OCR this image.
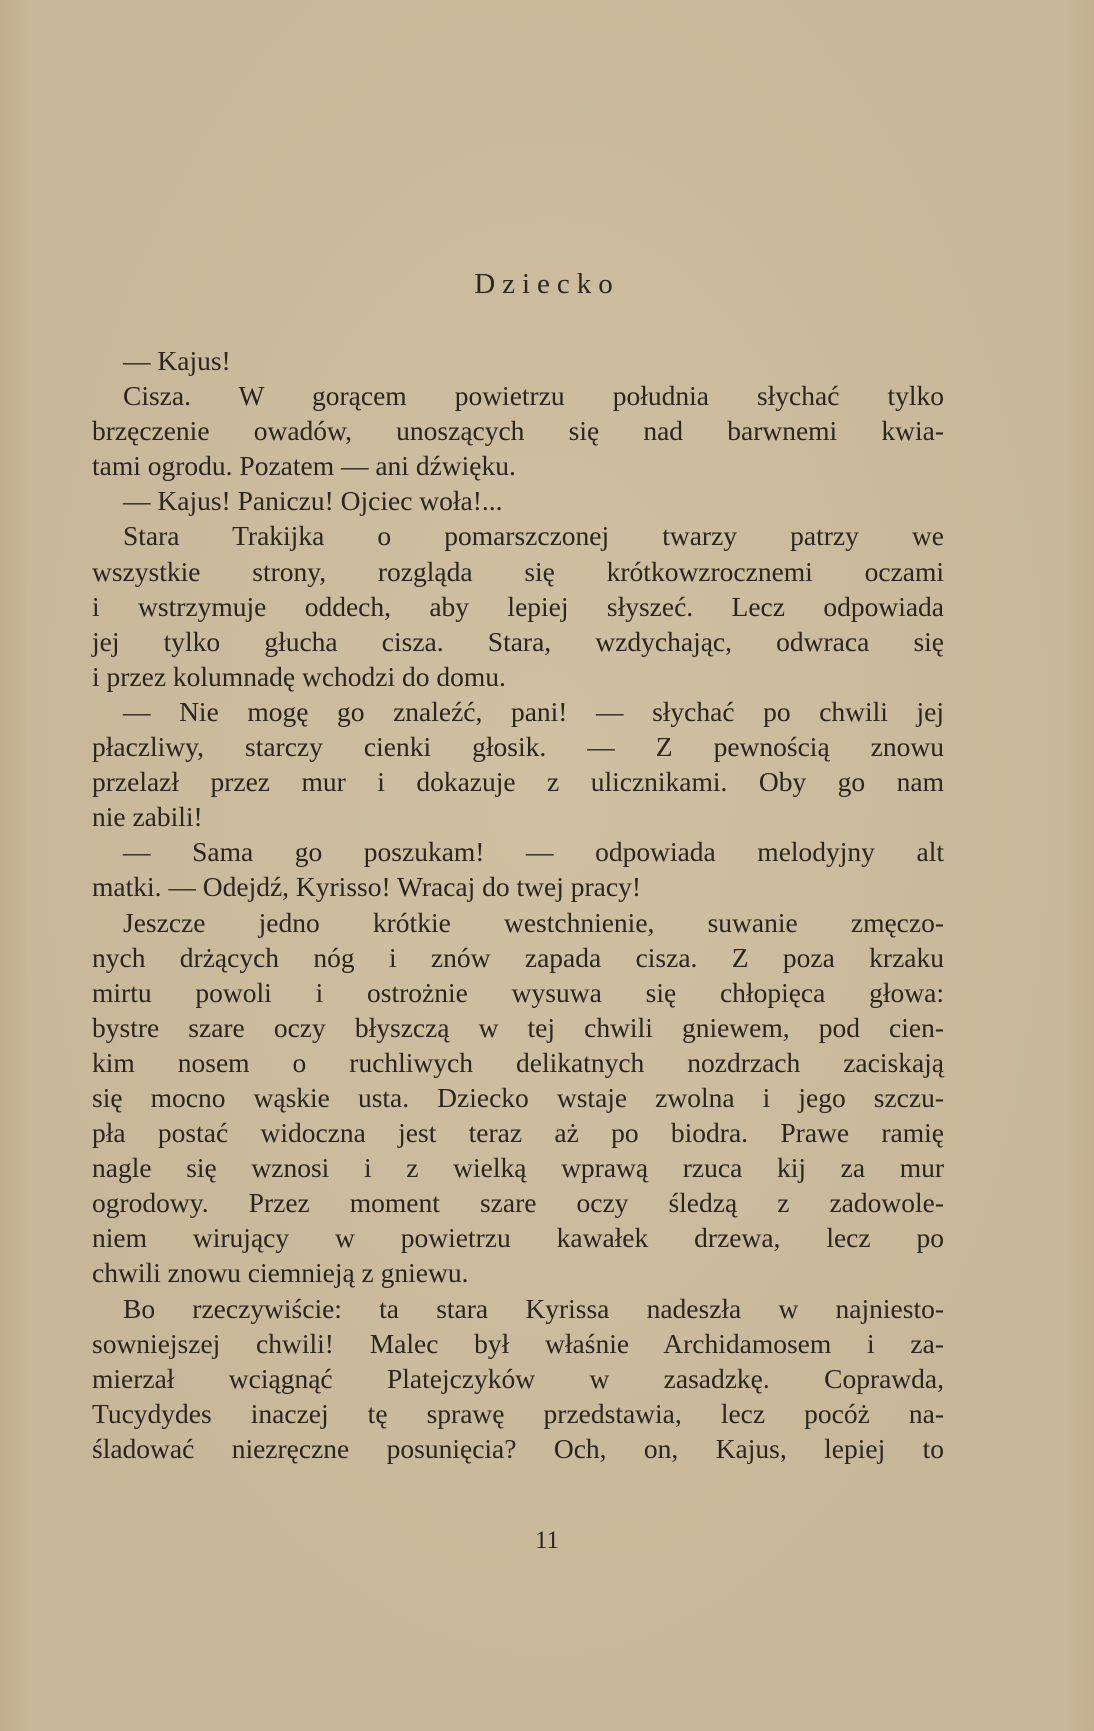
Dziecko
— Kajus!
Cisza. W gorącem powietrzu południa słychać tylko
brzęczenie owadów, unoszących się nad barwnemi kwia-
tami ogrodu. Pozatem — ani dźwięku.
— Kajus! Paniczu! Ojciec woła!...
Stara Trakijka o pomarszczonej twarzy patrzy we
wszystkie strony, rozgląda się krótkowzrocznemi oczami
i wstrzymuje oddech, aby lepiej słyszeć. Lecz odpowiada
jej tylko głucha cisza. Stara, wzdychając, odwraca się
i przez kolumnadę wchodzi do domu.
— Nie mogę go znaleźć, pani! — słychać po chwili jej
płaczliwy, starczy cienki głosik. — Z pewnością znowu
przelazł przez mur i dokazuje z ulicznikami. Oby go nam
nie zabili!
— Sama go poszukam! — odpowiada melodyjny alt
matki. — Odejdź, Kyrisso! Wracaj do twej pracy!
Jeszcze jedno krótkie westchnienie, suwanie zmęczo-
nych drżących nóg i znów zapada cisza. Z poza krzaku
mirtu powoli i ostrożnie wysuwa się chłopięca głowa:
bystre szare oczy błyszczą w tej chwili gniewem, pod cien-
kim nosem o ruchliwych delikatnych nozdrzach zaciskają
się mocno wąskie usta. Dziecko wstaje zwolna i jego szczu-
pła postać widoczna jest teraz aż po biodra. Prawe ramię
nagle się wznosi i z wielką wprawą rzuca kij za mur
ogrodowy. Przez moment szare oczy śledzą z zadowole-
niem wirujący w powietrzu kawałek drzewa, lecz po
chwili znowu ciemnieją z gniewu.
Bo rzeczywiście: ta stara Kyrissa nadeszła w najniesto-
sowniejszej chwili! Malec był właśnie Archidamosem i za-
mierzał wciągnąć Platejczyków w zasadzkę. Coprawda,
Tucydydes inaczej tę sprawę przedstawia, lecz pocóż na-
śladować niezręczne posunięcia? Och, on, Kajus, lepiej to
11
